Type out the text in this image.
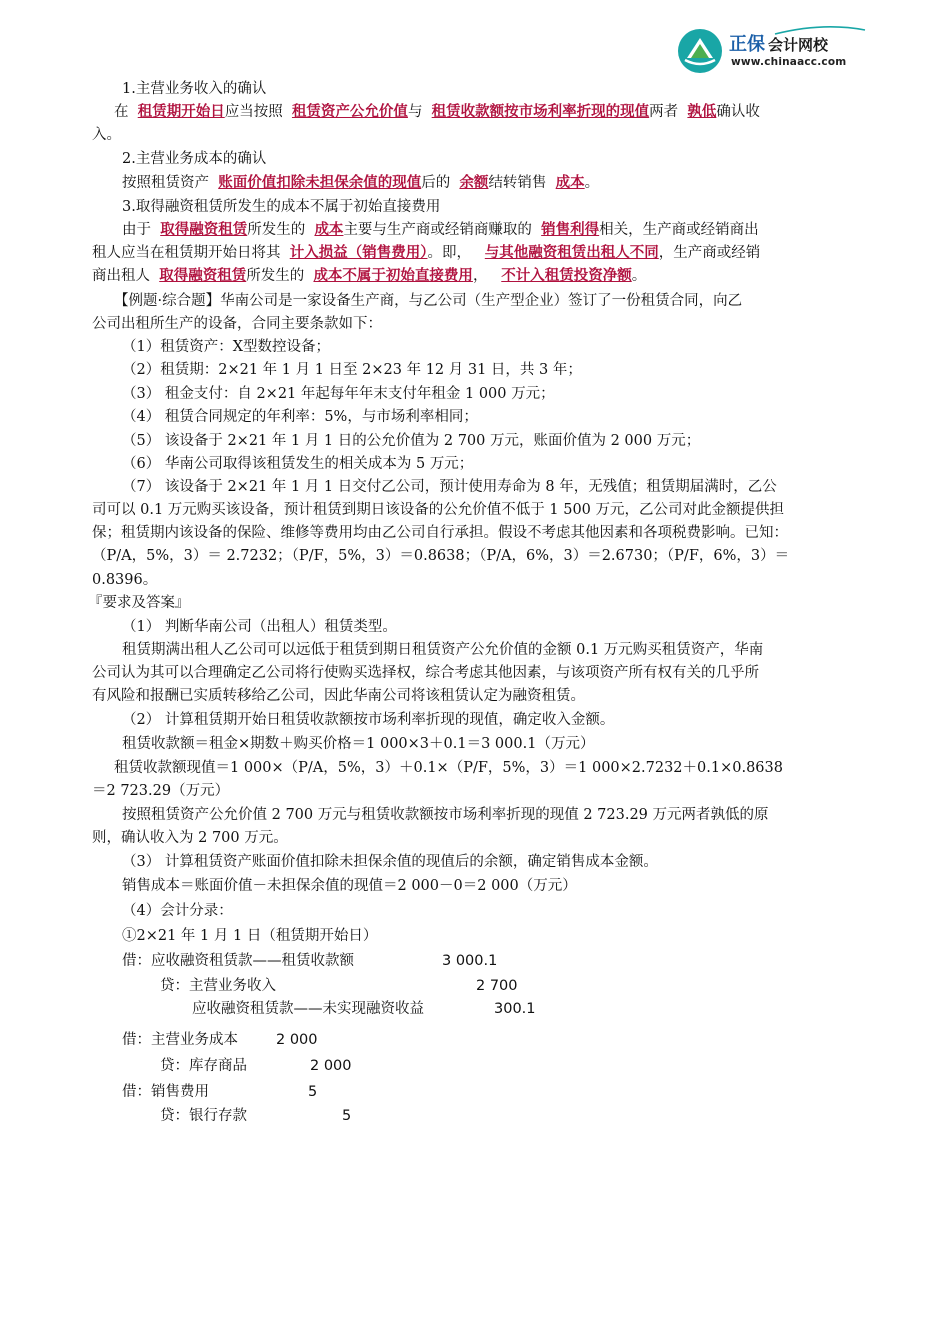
正保 会计网校
www.chinaacc.com
1.主营业务收入的确认
在 租赁期开始日应当按照 租赁资产公允价值与 租赁收款额按市场利率折现的现值两者 孰低确认收
入。
2.主营业务成本的确认
按照租赁资产 账面价值扣除未担保余值的现值后的 余额结转销售 成本。
3.取得融资租赁所发生的成本不属于初始直接费用
由于 取得融资租赁所发生的 成本主要与生产商或经销商赚取的 销售利得相关，生产商或经销商出
租人应当在租赁期开始日将其 计入损益（销售费用）。即， 与其他融资租赁出租人不同，生产商或经销
商出租人 取得融资租赁所发生的 成本不属于初始直接费用， 不计入租赁投资净额。
【例题·综合题】华南公司是一家设备生产商，与乙公司（生产型企业）签订了一份租赁合同，向乙
公司出租所生产的设备，合同主要条款如下：
（1）租赁资产：X型数控设备；
（2）租赁期：2×21 年 1 月 1 日至 2×23 年 12 月 31 日，共 3 年；
（3） 租金支付：自 2×21 年起每年年末支付年租金 1 000 万元；
（4） 租赁合同规定的年利率：5%，与市场利率相同；
（5） 该设备于 2×21 年 1 月 1 日的公允价值为 2 700 万元，账面价值为 2 000 万元；
（6） 华南公司取得该租赁发生的相关成本为 5 万元；
（7） 该设备于 2×21 年 1 月 1 日交付乙公司，预计使用寿命为 8 年，无残值；租赁期届满时，乙公
司可以 0.1 万元购买该设备，预计租赁到期日该设备的公允价值不低于 1 500 万元，乙公司对此金额提供担
保；租赁期内该设备的保险、维修等费用均由乙公司自行承担。假设不考虑其他因素和各项税费影响。已知：
（P/A，5%，3）＝ 2.7232；（P/F，5%，3）＝0.8638；（P/A，6%，3）＝2.6730；（P/F，6%，3）＝
0.8396。
『要求及答案』
（1） 判断华南公司（出租人）租赁类型。
租赁期满出租人乙公司可以远低于租赁到期日租赁资产公允价值的金额 0.1 万元购买租赁资产，华南
公司认为其可以合理确定乙公司将行使购买选择权，综合考虑其他因素，与该项资产所有权有关的几乎所
有风险和报酬已实质转移给乙公司，因此华南公司将该租赁认定为融资租赁。
（2） 计算租赁期开始日租赁收款额按市场利率折现的现值，确定收入金额。
租赁收款额＝租金×期数＋购买价格＝1 000×3＋0.1＝3 000.1（万元）
租赁收款额现值＝1 000×（P/A，5%，3）＋0.1×（P/F，5%，3）＝1 000×2.7232＋0.1×0.8638
＝2 723.29（万元）
按照租赁资产公允价值 2 700 万元与租赁收款额按市场利率折现的现值 2 723.29 万元两者孰低的原
则，确认收入为 2 700 万元。
（3） 计算租赁资产账面价值扣除未担保余值的现值后的余额，确定销售成本金额。
销售成本＝账面价值－未担保余值的现值＝2 000－0＝2 000（万元）
（4）会计分录：
①2×21 年 1 月 1 日（租赁期开始日）
借：应收融资租赁款——租赁收款额	3 000.1
贷：主营业务收入	2 700
应收融资租赁款——未实现融资收益	300.1
借：主营业务成本	2 000
贷：库存商品	2 000
借：销售费用	5
贷：银行存款	5
